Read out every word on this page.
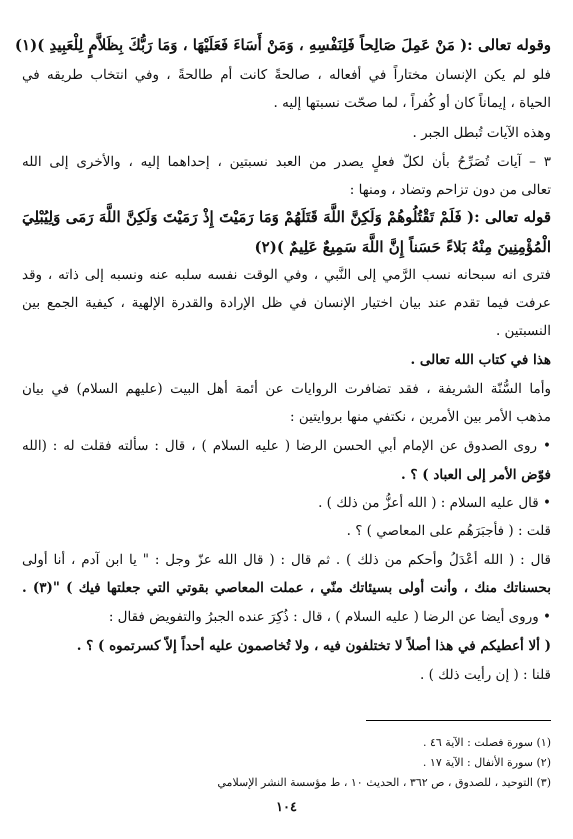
وقوله تعالى :( مَنْ عَمِلَ صَالِحاً فَلِنَفْسِهِ ، وَمَنْ أَسَاءَ فَعَلَيْهَا ، وَمَا رَبُّكَ بِظَلاَّمٍ لِلْعَبِيدِ )(١)
فلو لم يكن الإنسان مختاراً في أفعاله ، صالحةً كانت أم طالحةً ، وفي انتخاب طريقه في
الحياة ، إيماناً كان أو كُفراً ، لما صحّت نسبتها إليه .
وهذه الآيات تُبطل الجبر .
٣ – آيات تُصَرِّحُ بأن لكلّ فعلٍ يصدر من العبد نسبتين ، إحداهما إليه ، والأخرى إلى الله
تعالى من دون تزاحم وتضاد ، ومنها :
قوله تعالى :( فَلَمْ تَقْتُلُوهُمْ وَلَكِنَّ اللَّهَ قَتَلَهُمْ وَمَا رَمَيْتَ إِذْ رَمَيْتَ وَلَكِنَّ اللَّهَ رَمَى وَلِيُبْلِيَ
الْمُؤْمِنِينَ مِنْهُ بَلاءً حَسَناً إِنَّ اللَّهَ سَمِيعٌ عَلِيمٌ )(٢)
فترى انه سبحانه نسب الرَّمي إلى النَّبي ، وفي الوقت نفسه سلبه عنه ونسبه إلى ذاته ، وقد
عرفت فيما تقدم عند بيان اختيار الإنسان في ظل الإرادة والقدرة الإلهية ، كيفية الجمع بين
النسبتين .
هذا في كتاب الله تعالى .
وأما السُّنّة الشريفة ، فقد تضافرت الروايات عن أئمة أهل البيت (عليهم السلام) في بيان
مذهب الأمر بين الأمرين ، نكتفي منها بروايتين :
• روى الصدوق عن الإمام أبي الحسن الرضا ( عليه السلام ) ، قال : سألته فقلت له : (الله
فوّض الأمر إلى العباد ) ؟ .
• قال عليه السلام : ( الله أعزُّ من ذلك ) .
قلت : ( فأجبَرَهُم على المعاصي ) ؟ .
قال : ( الله أعْدَلُ وأحكم من ذلك ) . ثم قال : ( قال الله عزّ وجل : " يا ابن آدم ، أنا أولى
بحسناتك منك ، وأنت أولى بسيئاتك منّي ، عملت المعاصي بقوتي التي جعلتها فيك ) "(٣) .
• وروى أيضا عن الرضا ( عليه السلام ) ، قال : ذُكِرَ عنده الجبرُ والتفويض فقال :
( ألا أعطيكم في هذا أصلاً لا تختلفون فيه ، ولا تُخاصمون عليه أحداً إلاّ كسرتموه ) ؟ .
قلنا : ( إن رأيت ذلك ) .
(١) سورة فصلت : الآية ٤٦ .
(٢) سورة الأنفال : الآية ١٧ .
(٣) التوحيد ، للصدوق ، ص ٣٦٢ ، الحديث ١٠ ، ط مؤسسة النشر الإسلامي
١٠٤
